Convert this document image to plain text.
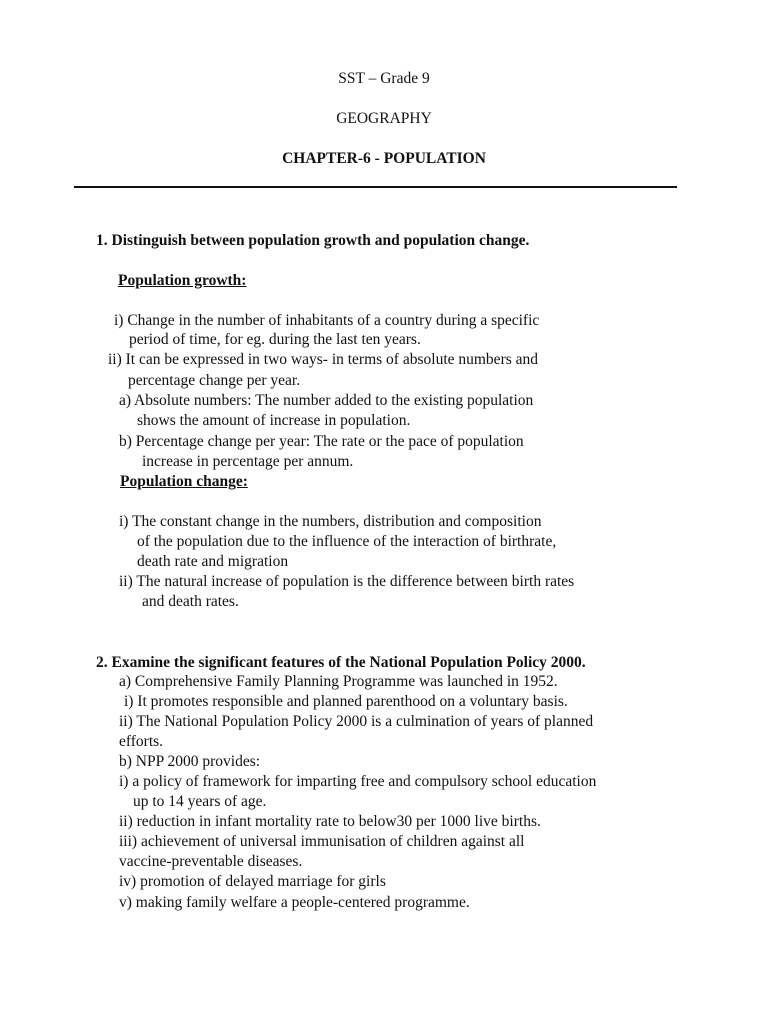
SST – Grade 9
GEOGRAPHY
CHAPTER-6 - POPULATION
1. Distinguish between population growth and population change.
Population growth:
i) Change in the number of inhabitants of a country during a specific
period of time, for eg. during the last ten years.
ii) It can be expressed in two ways- in terms of absolute numbers and
percentage change per year.
a) Absolute numbers: The number added to the existing population
shows the amount of increase in population.
b) Percentage change per year: The rate or the pace of population
increase in percentage per annum.
Population change:
i) The constant change in the numbers, distribution and composition
of the population due to the influence of the interaction of birthrate,
death rate and migration
ii) The natural increase of population is the difference between birth rates
and death rates.
2. Examine the significant features of the National Population Policy 2000.
a) Comprehensive Family Planning Programme was launched in 1952.
i) It promotes responsible and planned parenthood on a voluntary basis.
ii) The National Population Policy 2000 is a culmination of years of planned
efforts.
b) NPP 2000 provides:
i) a policy of framework for imparting free and compulsory school education
up to 14 years of age.
ii) reduction in infant mortality rate to below30 per 1000 live births.
iii) achievement of universal immunisation of children against all
vaccine-preventable diseases.
iv) promotion of delayed marriage for girls
v) making family welfare a people-centered programme.
